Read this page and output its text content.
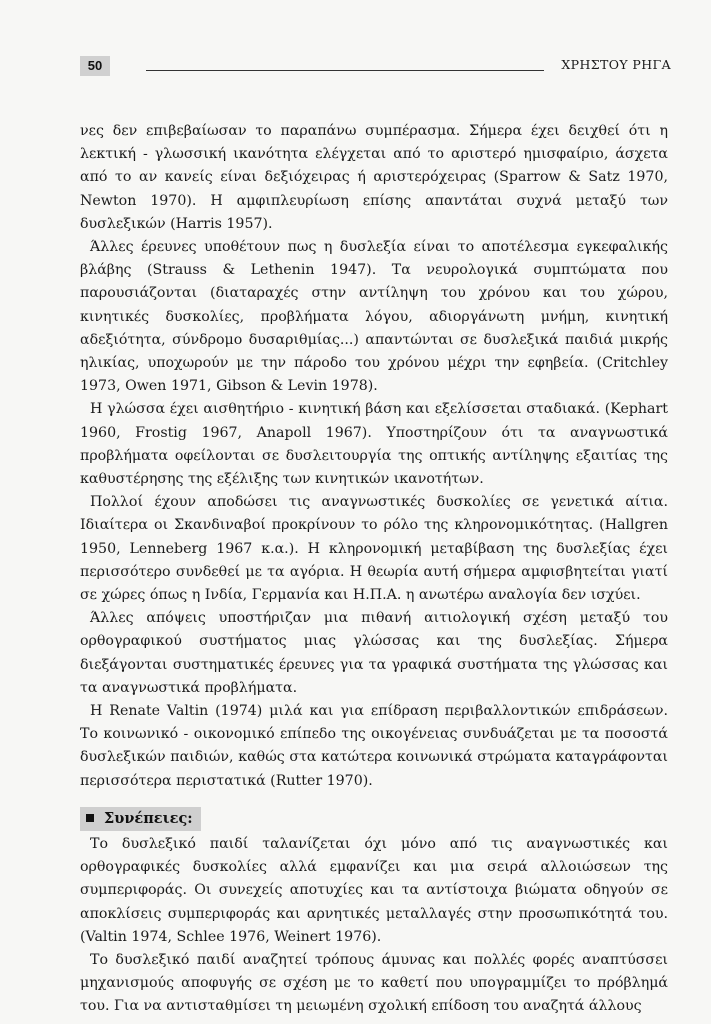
50	ΧΡΗΣΤΟΥ ΡΗΓΑ

νες δεν επιβεβαίωσαν το παραπάνω συμπέρασμα. Σήμερα έχει δειχθεί ότι η λεκτική - γλωσσική ικανότητα ελέγχεται από το αριστερό ημισφαίριο, άσχετα από το αν κανείς είναι δεξιόχειρας ή αριστερόχειρας (Sparrow & Satz 1970, Newton 1970). Η αμφιπλευρίωση επίσης απαντάται συχνά μεταξύ των δυσλεξικών (Harris 1957).

Άλλες έρευνες υποθέτουν πως η δυσλεξία είναι το αποτέλεσμα εγκεφαλικής βλάβης (Strauss & Lethenin 1947). Τα νευρολογικά συμπτώματα που παρουσιάζονται (διαταραχές στην αντίληψη του χρόνου και του χώρου, κινητικές δυσκολίες, προβλήματα λόγου, αδιοργάνωτη μνήμη, κινητική αδεξιότητα, σύνδρομο δυσαριθμίας...) απαντώνται σε δυσλεξικά παιδιά μικρής ηλικίας, υποχωρούν με την πάροδο του χρόνου μέχρι την εφηβεία. (Critchley 1973, Owen 1971, Gibson & Levin 1978).

Η γλώσσα έχει αισθητήριο - κινητική βάση και εξελίσσεται σταδιακά. (Kephart 1960, Frostig 1967, Anapoll 1967). Υποστηρίζουν ότι τα αναγνωστικά προβλήματα οφείλονται σε δυσλειτουργία της οπτικής αντίληψης εξαιτίας της καθυστέρησης της εξέλιξης των κινητικών ικανοτήτων.

Πολλοί έχουν αποδώσει τις αναγνωστικές δυσκολίες σε γενετικά αίτια. Ιδιαίτερα οι Σκανδιναβοί προκρίνουν το ρόλο της κληρονομικότητας. (Hallgren 1950, Lenneberg 1967 κ.α.). Η κληρονομική μεταβίβαση της δυσλεξίας έχει περισσότερο συνδεθεί με τα αγόρια. Η θεωρία αυτή σήμερα αμφισβητείται γιατί σε χώρες όπως η Ινδία, Γερμανία και Η.Π.Α. η ανωτέρω αναλογία δεν ισχύει.

Άλλες απόψεις υποστήριζαν μια πιθανή αιτιολογική σχέση μεταξύ του ορθογραφικού συστήματος μιας γλώσσας και της δυσλεξίας. Σήμερα διεξάγονται συστηματικές έρευνες για τα γραφικά συστήματα της γλώσσας και τα αναγνωστικά προβλήματα.

Η Renate Valtin (1974) μιλά και για επίδραση περιβαλλοντικών επιδράσεων. Το κοινωνικό - οικονομικό επίπεδο της οικογένειας συνδυάζεται με τα ποσοστά δυσλεξικών παιδιών, καθώς στα κατώτερα κοινωνικά στρώματα καταγράφονται περισσότερα περιστατικά (Rutter 1970).

Συνέπειες:

Το δυσλεξικό παιδί ταλανίζεται όχι μόνο από τις αναγνωστικές και ορθογραφικές δυσκολίες αλλά εμφανίζει και μια σειρά αλλοιώσεων της συμπεριφοράς. Οι συνεχείς αποτυχίες και τα αντίστοιχα βιώματα οδηγούν σε αποκλίσεις συμπεριφοράς και αρνητικές μεταλλαγές στην προσωπικότητά του. (Valtin 1974, Schlee 1976, Weinert 1976).

Το δυσλεξικό παιδί αναζητεί τρόπους άμυνας και πολλές φορές αναπτύσσει μηχανισμούς αποφυγής σε σχέση με το καθετί που υπογραμμίζει το πρόβλημά του. Για να αντισταθμίσει τη μειωμένη σχολική επίδοση του αναζητά άλλους
